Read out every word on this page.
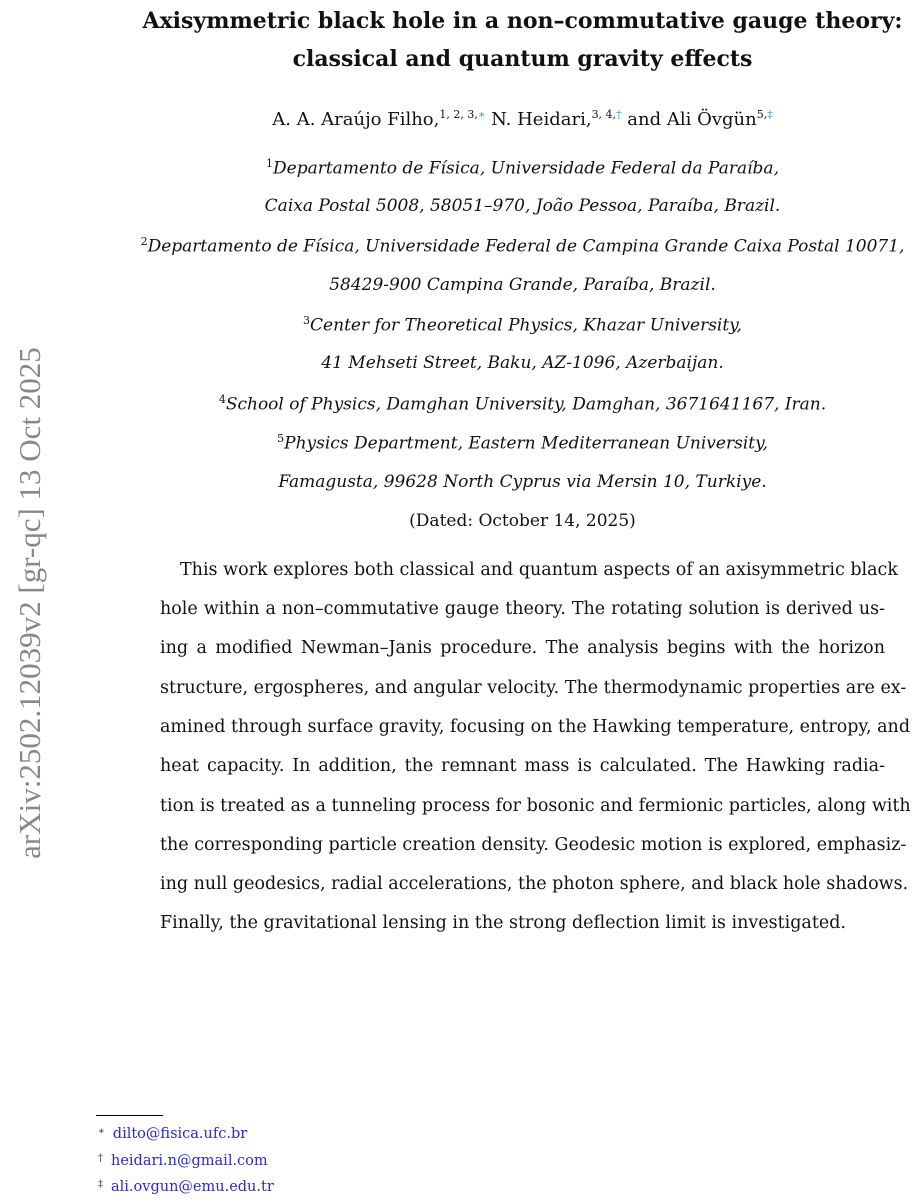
arXiv:2502.12039v2 [gr-qc] 13 Oct 2025
Axisymmetric black hole in a non–commutative gauge theory:
classical and quantum gravity effects
A. A. Araújo Filho,$^{1, 2, 3,∗}$ N. Heidari,$^{3, 4,\dagger}$ and Ali Övgün$^{5,\ddagger}$
$^1$Departamento de Física, Universidade Federal da Paraíba,
Caixa Postal 5008, 58051–970, João Pessoa, Paraíba, Brazil.
$^2$Departamento de Física, Universidade Federal de Campina Grande Caixa Postal 10071,
58429-900 Campina Grande, Paraíba, Brazil.
$^3$Center for Theoretical Physics, Khazar University,
41 Mehseti Street, Baku, AZ-1096, Azerbaijan.
$^4$School of Physics, Damghan University, Damghan, 3671641167, Iran.
$^5$Physics Department, Eastern Mediterranean University,
Famagusta, 99628 North Cyprus via Mersin 10, Turkiye.
(Dated: October 14, 2025)
This work explores both classical and quantum aspects of an axisymmetric black
hole within a non–commutative gauge theory. The rotating solution is derived us-
ing a modified Newman–Janis procedure. The analysis begins with the horizon
structure, ergospheres, and angular velocity. The thermodynamic properties are ex-
amined through surface gravity, focusing on the Hawking temperature, entropy, and
heat capacity. In addition, the remnant mass is calculated. The Hawking radia-
tion is treated as a tunneling process for bosonic and fermionic particles, along with
the corresponding particle creation density. Geodesic motion is explored, emphasiz-
ing null geodesics, radial accelerations, the photon sphere, and black hole shadows.
Finally, the gravitational lensing in the strong deflection limit is investigated.
∗ dilto@fisica.ufc.br
† heidari.n@gmail.com
‡ ali.ovgun@emu.edu.tr
